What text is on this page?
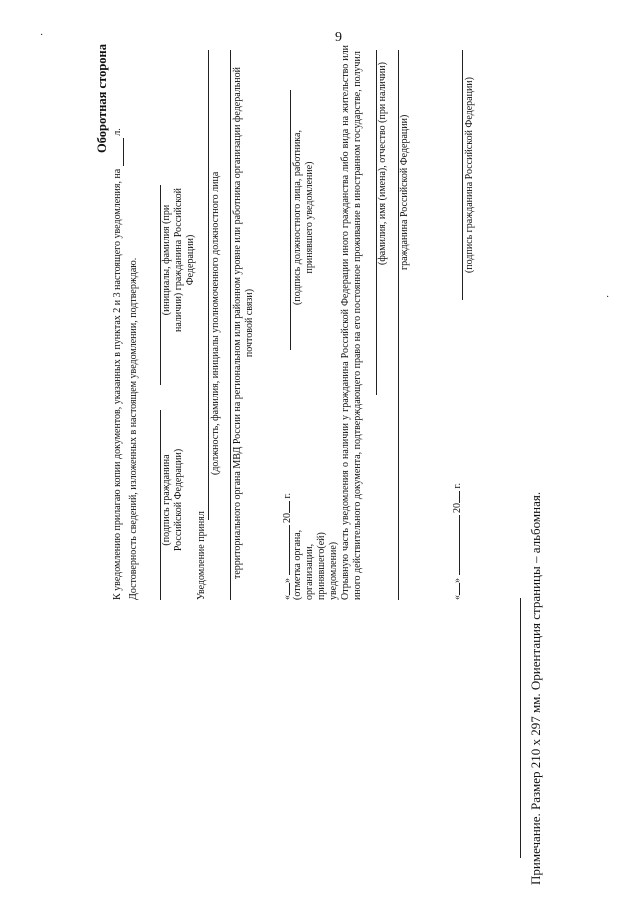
9
·
·
Оборотная сторона
К уведомлению прилагаю копии документов, указанных в пунктах 2 и 3 настоящего уведомления, на  л.
Достоверность сведений, изложенных в настоящем уведомлении, подтверждаю. (подпись гражданина Российской Федерации)
(инициалы, фамилия (при наличии) гражданина Российской Федерации)
Уведомление принял
(должность, фамилия, инициалы уполномоченного должностного лица территориального органа МВД России на региональном или районном уровне или работника организации федеральной почтовой связи)
«»  20 г.
(отметка органа, организации, принявшего(ей) уведомление)
(подпись должностного лица, работника, принявшего уведомление)	Отрывную часть уведомления о наличии у гражданина Российской Федерации иного гражданства либо вида на жительство или иного действительного документа, подтверждающего право на его постоянное проживание в иностранном государстве, получил (фамилия, имя (имена), отчество (при наличии) гражданина Российской Федерации)
«»  20 г.
(подпись гражданина Российской Федерации)
Примечание. Размер 210 х 297 мм. Ориентация страницы – альбомная.
